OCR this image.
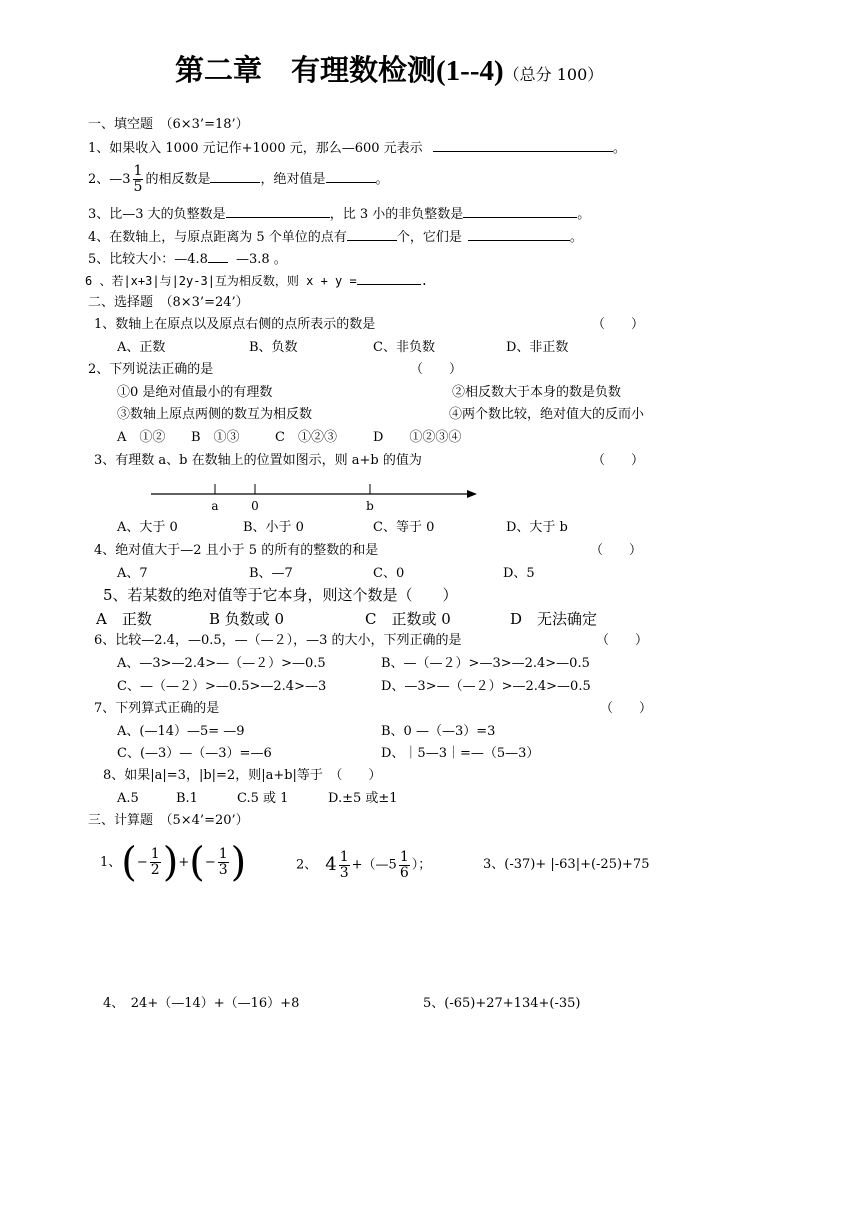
第二章　有理数检测(1--4)（总分 100）
一、填空题　（6×3’=18’）
1、如果收入 1000 元记作+1000 元，那么—600 元表示	。
2、—3 $\frac{1}{5}$ 的相反数是	，绝对值是	。
3、比—3 大的负整数是	，比 3 小的非负整数是	。
4、在数轴上，与原点距离为 5 个单位的点有	个，它们是	。
5、比较大小：—4.8 —3.8 。
6 、若|x+3|与|2y-3|互为相反数，则 x + y =	.
二、选择题　（8×3’=24’）
1、数轴上在原点以及原点右侧的点所表示的数是	（　　）
A、正数	B、负数	C、非负数	D、非正数
2、下列说法正确的是	（　　）
①0 是绝对值最小的有理数	②相反数大于本身的数是负数
③数轴上原点两侧的数互为相反数	④两个数比较，绝对值大的反而小
A　①② B　①③	C　①②③	D　　①②③④
3、有理数 a、b 在数轴上的位置如图示，则 a+b 的值为	（　　）
a	0	b
A、大于 0	B、小于 0	C、等于 0	D、大于 b
4、绝对值大于—2 且小于 5 的所有的整数的和是	（　　）
A、7	B、—7	C、0	D、5
5、若某数的绝对值等于它本身，则这个数是（　　）
A　正数	B 负数或 0	C　正数或 0	D　无法确定
6、比较—2.4，—0.5，—（—２），—3 的大小，下列正确的是	（　　）
A、—3>—2.4>—（—２）>—0.5	B、—（—２）>—3>—2.4>—0.5
C、—（—２）>—0.5>—2.4>—3	D、—3>—（—２）>—2.4>—0.5
7、下列算式正确的是	（　　）
A、(—14）—5= —9	B、0 —（—3）=3
C、(—3）—（—3）=—6	D、｜5—3｜=—（5—3）
8、如果|a|=3，|b|=2，则|a+b|等于　（　　）
A.5	B.1	C.5 或 1	D.±5 或±1
三、计算题　（5×4’=20’）
1、(− $\frac{1}{2}$ )+(− $\frac{1}{3}$ )	2、 $4 \frac{1}{3}$ +（—5 $\frac{1}{6}$ ）；	3、(-37)+ |-63|+(-25)+75
4、　24+（—14）+（—16）+8	5、(-65)+27+134+(-35)
